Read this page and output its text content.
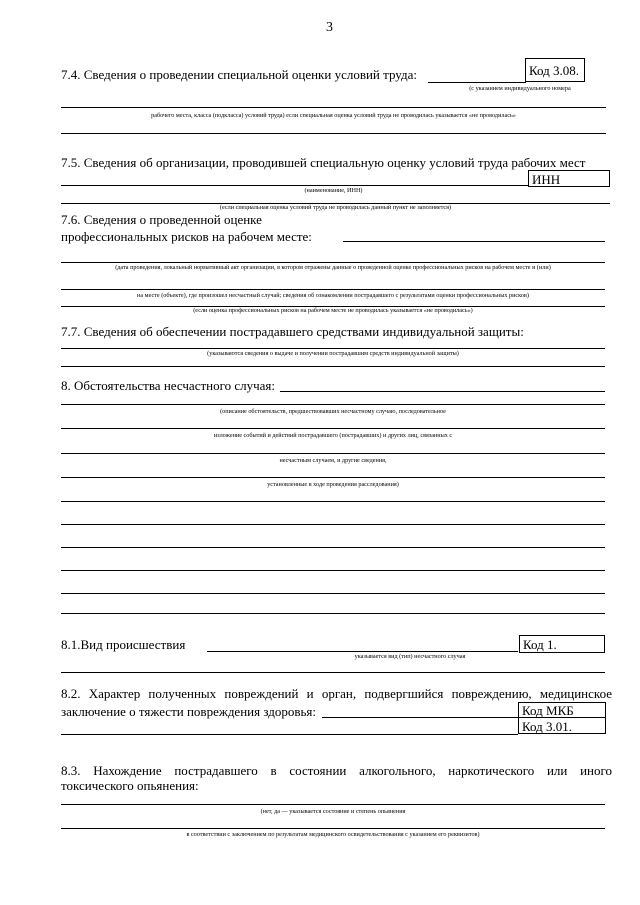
3
7.4. Сведения о проведении специальной оценки условий труда:	Код 3.08.
(с указанием индивидуального номера
рабочего места, класса (подкласса) условий труда) если специальная оценка условий труда не проводилась указывается «не проводилась»
7.5. Сведения об организации, проводившей специальную оценку условий труда рабочих мест
ИНН
(наименование, ИНН)
(если специальная оценка условий труда не проводилась данный пункт не заполняется)
7.6. Сведения о проведенной оценке
профессиональных рисков на рабочем месте:
(дата проведения, локальный нормативный акт организации, в котором отражены данные о проведенной оценке профессиональных рисков на рабочем месте и (или)
на месте (объекте), где произошел несчастный случай; сведения об ознакомлении пострадавшего с результатами оценки профессиональных рисков)
(если оценка профессиональных рисков на рабочем месте не проводилась указывается «не проводилась»)
7.7. Сведения об обеспечении пострадавшего средствами индивидуальной защиты:
(указываются сведения о выдаче и получении пострадавшим средств индивидуальной защиты)
8. Обстоятельства несчастного случая:
(описание обстоятельств, предшествовавших несчастному случаю, последовательное
изложение событий и действий пострадавшего (пострадавших) и других лиц, связанных с
несчастным случаем, и другие сведения,
установленные в ходе проведения расследования)
8.1.Вид происшествия	Код 1.
указывается вид (тип) несчастного случая
8.2. Характер полученных повреждений и орган, подвергшийся повреждению, медицинское
заключение о тяжести повреждения здоровья:	Код МКБ
Код 3.01.
8.3. Нахождение пострадавшего в состоянии алкогольного, наркотического или иного
токсического опьянения:
(нет, да — указывается состояние и степень опьянения
в соответствии с заключением по результатам медицинского освидетельствования с указанием его реквизитов)
